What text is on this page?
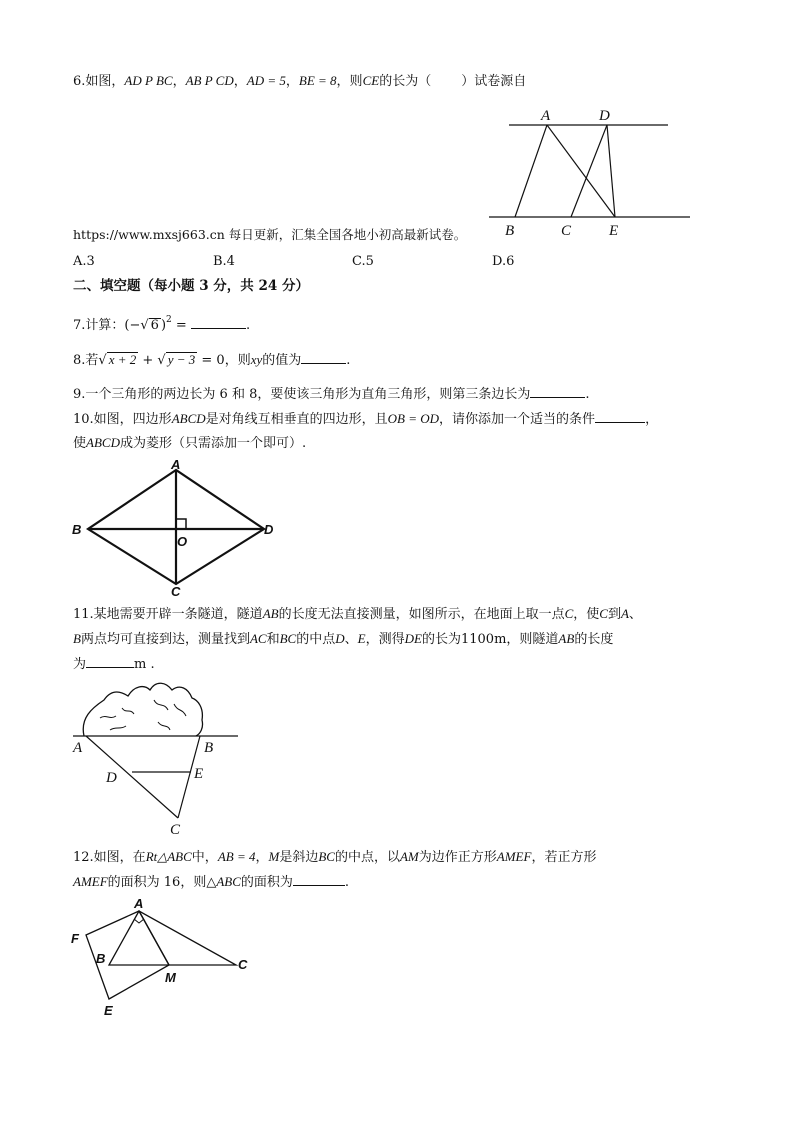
6.如图，AD P BC，AB P CD，AD = 5，BE = 8，则CE的长为（ ）试卷源自
A	D
B	C	E
https://www.mxsj663.cn 每日更新，汇集全国各地小初高最新试卷。
A.3	B.4	C.5	D.6
二、填空题（每小题 3 分，共 24 分）
7.计算：(−√ 6 )$^2$ =	.
8.若√ x + 2 + √ y − 3 = 0，则xy的值为	.
9.一个三角形的两边长为 6 和 8，要使该三角形为直角三角形，则第三条边长为	.
10.如图，四边形ABCD是对角线互相垂直的四边形，且OB = OD，请你添加一个适当的条件	，
使ABCD成为菱形（只需添加一个即可）.
A
B
O
D
C
11.某地需要开辟一条隧道，隧道AB的长度无法直接测量，如图所示，在地面上取一点C，使C到A、
B两点均可直接到达，测量找到AC和BC的中点D、E，测得DE的长为1100m，则隧道AB的长度
为	m .
A	B
D	E
C
12.如图，在Rt△ABC中，AB = 4，M是斜边BC的中点，以AM为边作正方形AMEF，若正方形
AMEF的面积为 16，则△ABC的面积为	.
A
F
B
M
C
E
